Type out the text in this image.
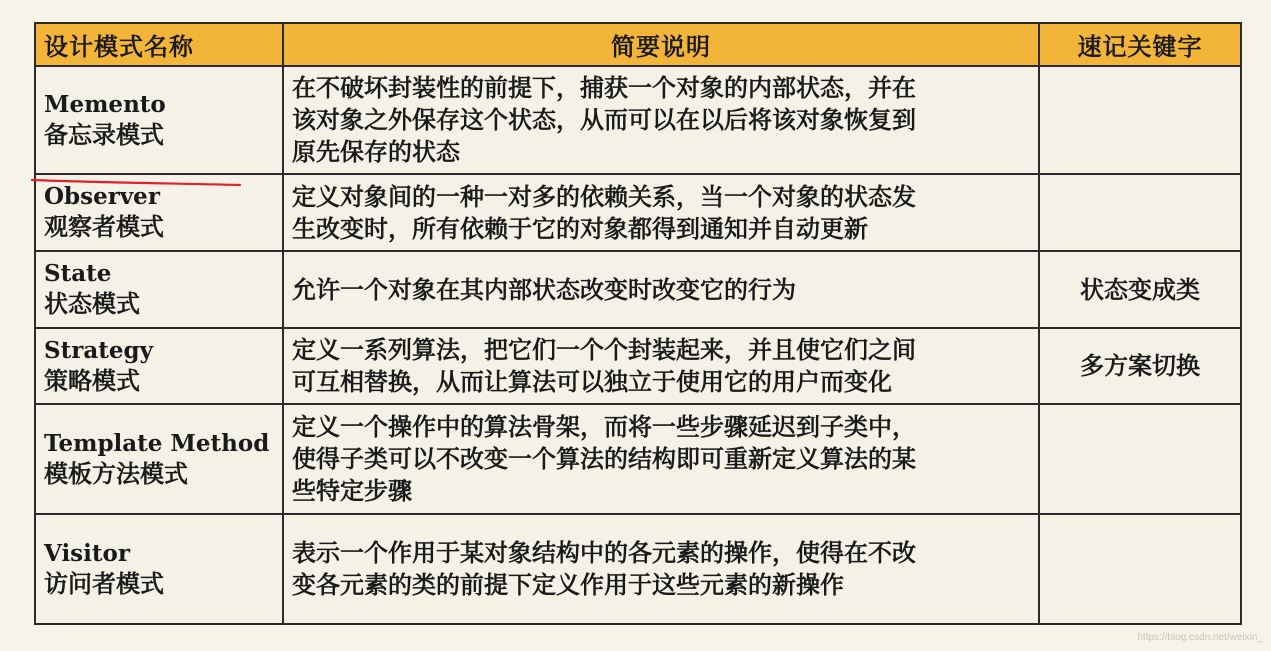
设计模式名称	简要说明	速记关键字

Memento
备忘录模式	在不破坏封装性的前提下，捕获一个对象的内部状态，并在
该对象之外保存这个状态，从而可以在以后将该对象恢复到
原先保存的状态	

Observer
观察者模式	定义对象间的一种一对多的依赖关系，当一个对象的状态发
生改变时，所有依赖于它的对象都得到通知并自动更新	

State
状态模式	允许一个对象在其内部状态改变时改变它的行为	状态变成类

Strategy
策略模式	定义一系列算法，把它们一个个封装起来，并且使它们之间
可互相替换，从而让算法可以独立于使用它的用户而变化	多方案切换

Template Method
模板方法模式	定义一个操作中的算法骨架，而将一些步骤延迟到子类中，
使得子类可以不改变一个算法的结构即可重新定义算法的某
些特定步骤	

Visitor
访问者模式	表示一个作用于某对象结构中的各元素的操作，使得在不改
变各元素的类的前提下定义作用于这些元素的新操作	

https://blog.csdn.net/weixin_
